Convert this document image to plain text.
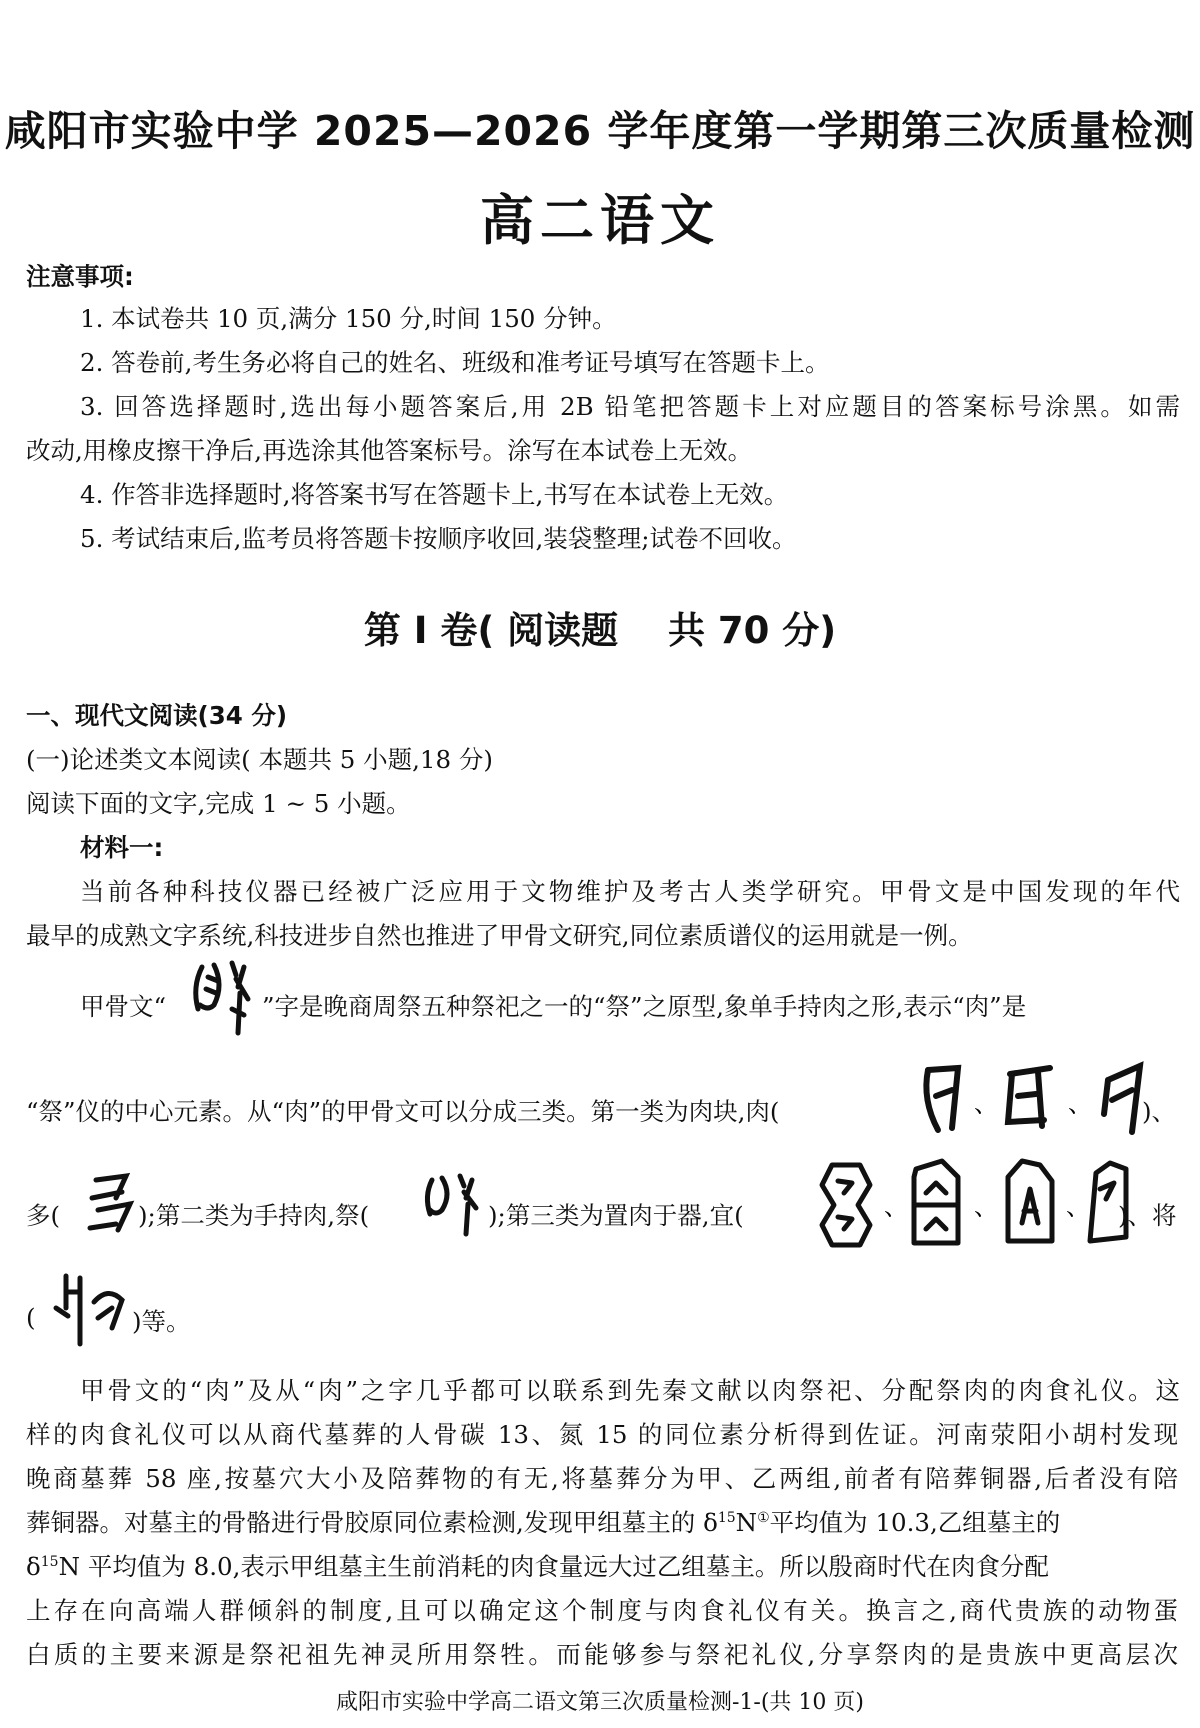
咸阳市实验中学 2025—2026 学年度第一学期第三次质量检测
高二语文
注意事项:
1. 本试卷共 10 页,满分 150 分,时间 150 分钟。
2. 答卷前,考生务必将自己的姓名、班级和准考证号填写在答题卡上。
3. 回答选择题时,选出每小题答案后,用 2B 铅笔把答题卡上对应题目的答案标号涂黑。如需
改动,用橡皮擦干净后,再选涂其他答案标号。涂写在本试卷上无效。
4. 作答非选择题时,将答案书写在答题卡上,书写在本试卷上无效。
5. 考试结束后,监考员将答题卡按顺序收回,装袋整理;试卷不回收。
第 I 卷( 阅读题　 共 70 分)
一、现代文阅读(34 分)
(一)论述类文本阅读( 本题共 5 小题,18 分)
阅读下面的文字,完成 1 ~ 5 小题。
材料一:
当前各种科技仪器已经被广泛应用于文物维护及考古人类学研究。甲骨文是中国发现的年代
最早的成熟文字系统,科技进步自然也推进了甲骨文研究,同位素质谱仪的运用就是一例。
甲骨文“	”字是晚商周祭五种祭祀之一的“祭”之原型,象单手持肉之形,表示“肉”是
“祭”仪的中心元素。从“肉”的甲骨文可以分成三类。第一类为肉块,肉(	、	、 )、
多(	);第二类为手持肉,祭(	);第三类为置肉于器,宜(	、	、	、 )、将
(	)等。
甲骨文的“肉”及从“肉”之字几乎都可以联系到先秦文献以肉祭祀、分配祭肉的肉食礼仪。这
样的肉食礼仪可以从商代墓葬的人骨碳 13、氮 15 的同位素分析得到佐证。河南荥阳小胡村发现
晚商墓葬 58 座,按墓穴大小及陪葬物的有无,将墓葬分为甲、乙两组,前者有陪葬铜器,后者没有陪
葬铜器。对墓主的骨骼进行骨胶原同位素检测,发现甲组墓主的 $\delta^{15}N^①$平均值为 10.3,乙组墓主的
$\delta^{15}N$ 平均值为 8.0,表示甲组墓主生前消耗的肉食量远大过乙组墓主。所以殷商时代在肉食分配
上存在向高端人群倾斜的制度,且可以确定这个制度与肉食礼仪有关。换言之,商代贵族的动物蛋
白质的主要来源是祭祀祖先神灵所用祭牲。而能够参与祭祀礼仪,分享祭肉的是贵族中更高层次
咸阳市实验中学高二语文第三次质量检测-1-(共 10 页)
